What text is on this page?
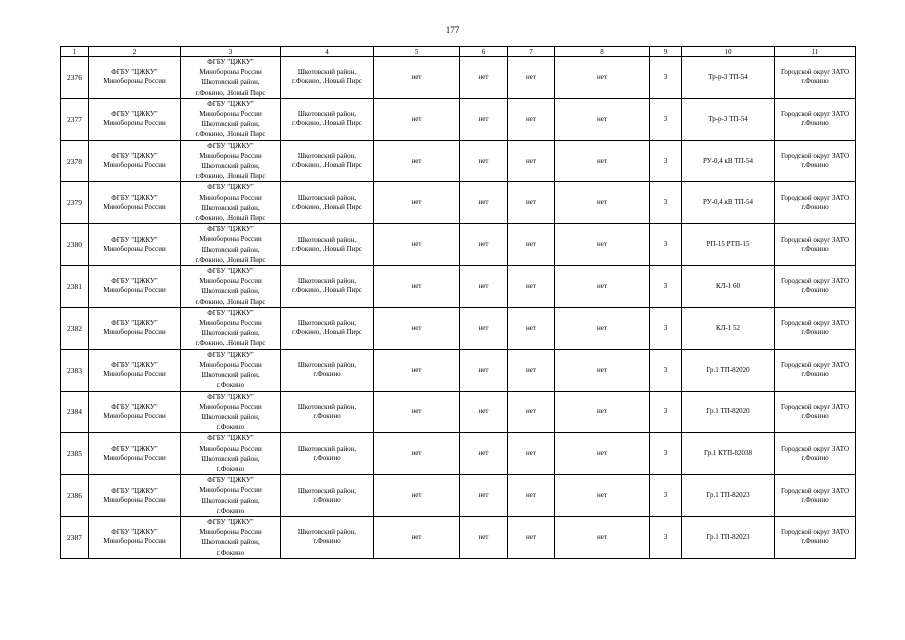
177
1	2	3	4	5	6	7	8	9	10	11
2376	ФГБУ "ЦЖКУ"
Минобороны России	ФГБУ "ЦЖКУ"
Минобороны России
Шкотовский район,
г.Фокино, .Новый Пирс	Шкотовский район,
г.Фокино, .Новый Пирс	нет	нет	нет	нет	3	Тр-р-3 ТП-54	Городской округ ЗАТО
г.Фокино

2377	ФГБУ "ЦЖКУ"
Минобороны России	ФГБУ "ЦЖКУ"
Минобороны России
Шкотовский район,
г.Фокино, .Новый Пирс	Шкотовский район,
г.Фокино, .Новый Пирс	нет	нет	нет	нет	3	Тр-р-3 ТП-54	Городской округ ЗАТО
г.Фокино

2378	ФГБУ "ЦЖКУ"
Минобороны России	ФГБУ "ЦЖКУ"
Минобороны России
Шкотовский район,
г.Фокино, .Новый Пирс	Шкотовский район,
г.Фокино, .Новый Пирс	нет	нет	нет	нет	3	РУ-0,4 кВ ТП-54	Городской округ ЗАТО
г.Фокино

2379	ФГБУ "ЦЖКУ"
Минобороны России	ФГБУ "ЦЖКУ"
Минобороны России
Шкотовский район,
г.Фокино, .Новый Пирс	Шкотовский район,
г.Фокино, .Новый Пирс	нет	нет	нет	нет	3	РУ-0,4 кВ ТП-54	Городской округ ЗАТО
г.Фокино

2380	ФГБУ "ЦЖКУ"
Минобороны России	ФГБУ "ЦЖКУ"
Минобороны России
Шкотовский район,
г.Фокино, .Новый Пирс	Шкотовский район,
г.Фокино, .Новый Пирс	нет	нет	нет	нет	3	РП-15 РТП-15	Городской округ ЗАТО
г.Фокино

2381	ФГБУ "ЦЖКУ"
Минобороны России	ФГБУ "ЦЖКУ"
Минобороны России
Шкотовский район,
г.Фокино, .Новый Пирс	Шкотовский район,
г.Фокино, .Новый Пирс	нет	нет	нет	нет	3	КЛ-1 60	Городской округ ЗАТО
г.Фокино

2382	ФГБУ "ЦЖКУ"
Минобороны России	ФГБУ "ЦЖКУ"
Минобороны России
Шкотовский район,
г.Фокино, .Новый Пирс	Шкотовский район,
г.Фокино, .Новый Пирс	нет	нет	нет	нет	3	КЛ-1 52	Городской округ ЗАТО
г.Фокино

2383	ФГБУ "ЦЖКУ"
Минобороны России	ФГБУ "ЦЖКУ"
Минобороны России
Шкотовский район,
г.Фокино	Шкотовский район,
г.Фокино	нет	нет	нет	нет	3	Гр.1 ТП-82020	Городской округ ЗАТО
г.Фокино

2384	ФГБУ "ЦЖКУ"
Минобороны России	ФГБУ "ЦЖКУ"
Минобороны России
Шкотовский район,
г.Фокино	Шкотовский район,
г.Фокино	нет	нет	нет	нет	3	Гр.1 ТП-82020	Городской округ ЗАТО
г.Фокино

2385	ФГБУ "ЦЖКУ"
Минобороны России	ФГБУ "ЦЖКУ"
Минобороны России
Шкотовский район,
г.Фокино	Шкотовский район,
г.Фокино	нет	нет	нет	нет	3	Гр.1 КТП-82038	Городской округ ЗАТО
г.Фокино

2386	ФГБУ "ЦЖКУ"
Минобороны России	ФГБУ "ЦЖКУ"
Минобороны России
Шкотовский район,
г.Фокино	Шкотовский район,
г.Фокино	нет	нет	нет	нет	3	Гр.1 ТП-82023	Городской округ ЗАТО
г.Фокино

2387	ФГБУ "ЦЖКУ"
Минобороны России	ФГБУ "ЦЖКУ"
Минобороны России
Шкотовский район,
г.Фокино	Шкотовский район,
г.Фокино	нет	нет	нет	нет	3	Гр.1 ТП-82023	Городской округ ЗАТО
г.Фокино
